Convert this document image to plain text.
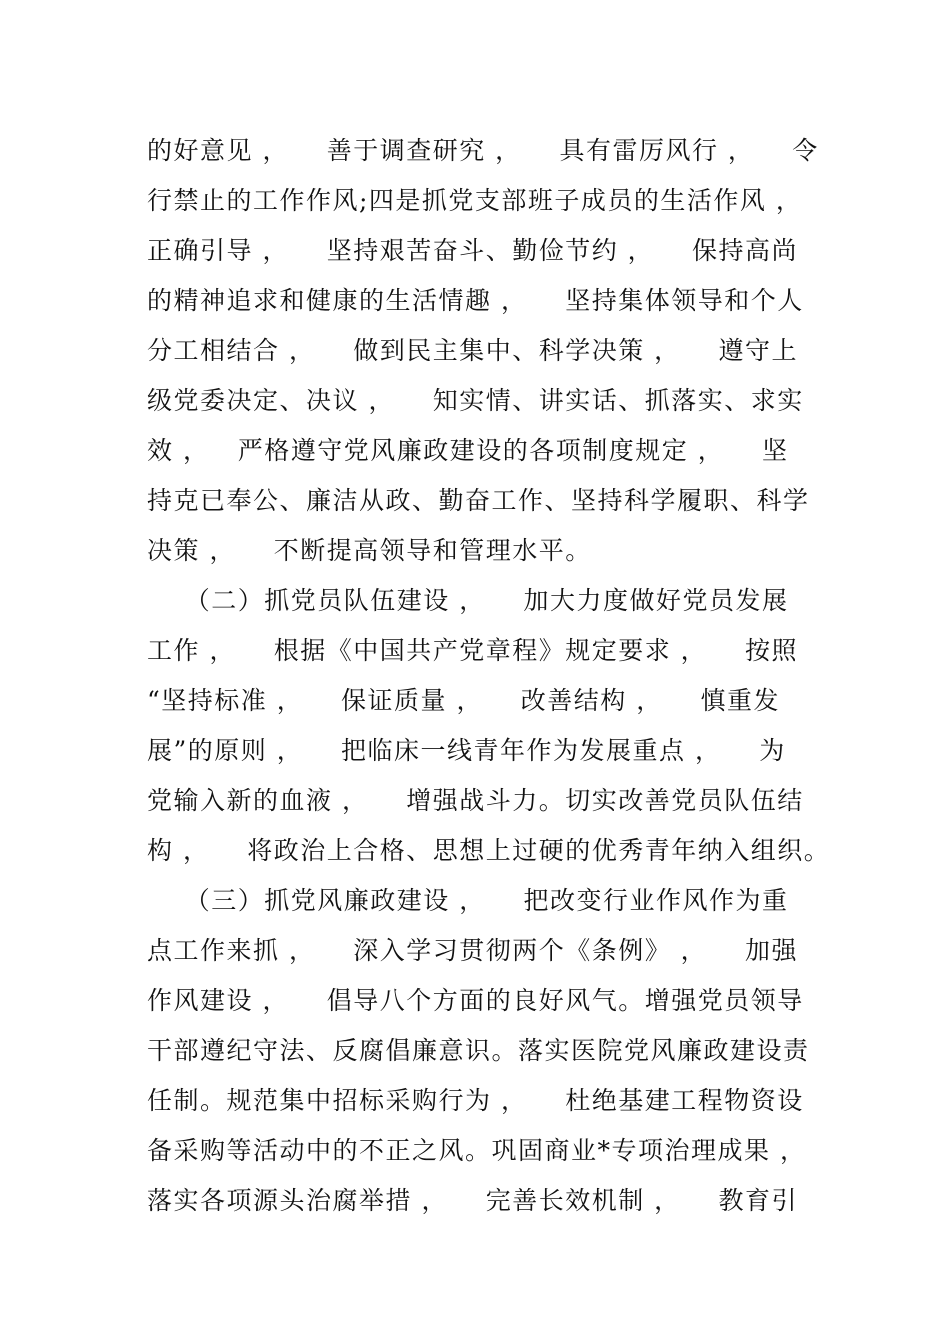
的好意见 ，    善于调查研究 ，    具有雷厉风行 ，    令
行禁止的工作作风;四是抓党支部班子成员的生活作风 ，
正确引导 ，    坚持艰苦奋斗、勤俭节约 ，    保持高尚
的精神追求和健康的生活情趣 ，    坚持集体领导和个人
分工相结合 ，    做到民主集中、科学决策 ，    遵守上
级党委决定、决议 ，    知实情、讲实话、抓落实、求实
效 ，   严格遵守党风廉政建设的各项制度规定 ，    坚
持克已奉公、廉洁从政、勤奋工作、坚持科学履职、科学
决策 ，    不断提高领导和管理水平。
（二）抓党员队伍建设 ，    加大力度做好党员发展
工作 ，    根据《中国共产党章程》规定要求 ，    按照
“坚持标准 ，    保证质量 ，    改善结构 ，    慎重发
展”的原则 ，    把临床一线青年作为发展重点 ，    为
党输入新的血液 ，    增强战斗力。切实改善党员队伍结
构 ，    将政治上合格、思想上过硬的优秀青年纳入组织。
（三）抓党风廉政建设 ，    把改变行业作风作为重
点工作来抓 ，    深入学习贯彻两个《条例》 ，    加强
作风建设 ，    倡导八个方面的良好风气。增强党员领导
干部遵纪守法、反腐倡廉意识。落实医院党风廉政建设责
任制。规范集中招标采购行为 ，    杜绝基建工程物资设
备采购等活动中的不正之风。巩固商业*专项治理成果 ，
落实各项源头治腐举措 ，    完善长效机制 ，    教育引
